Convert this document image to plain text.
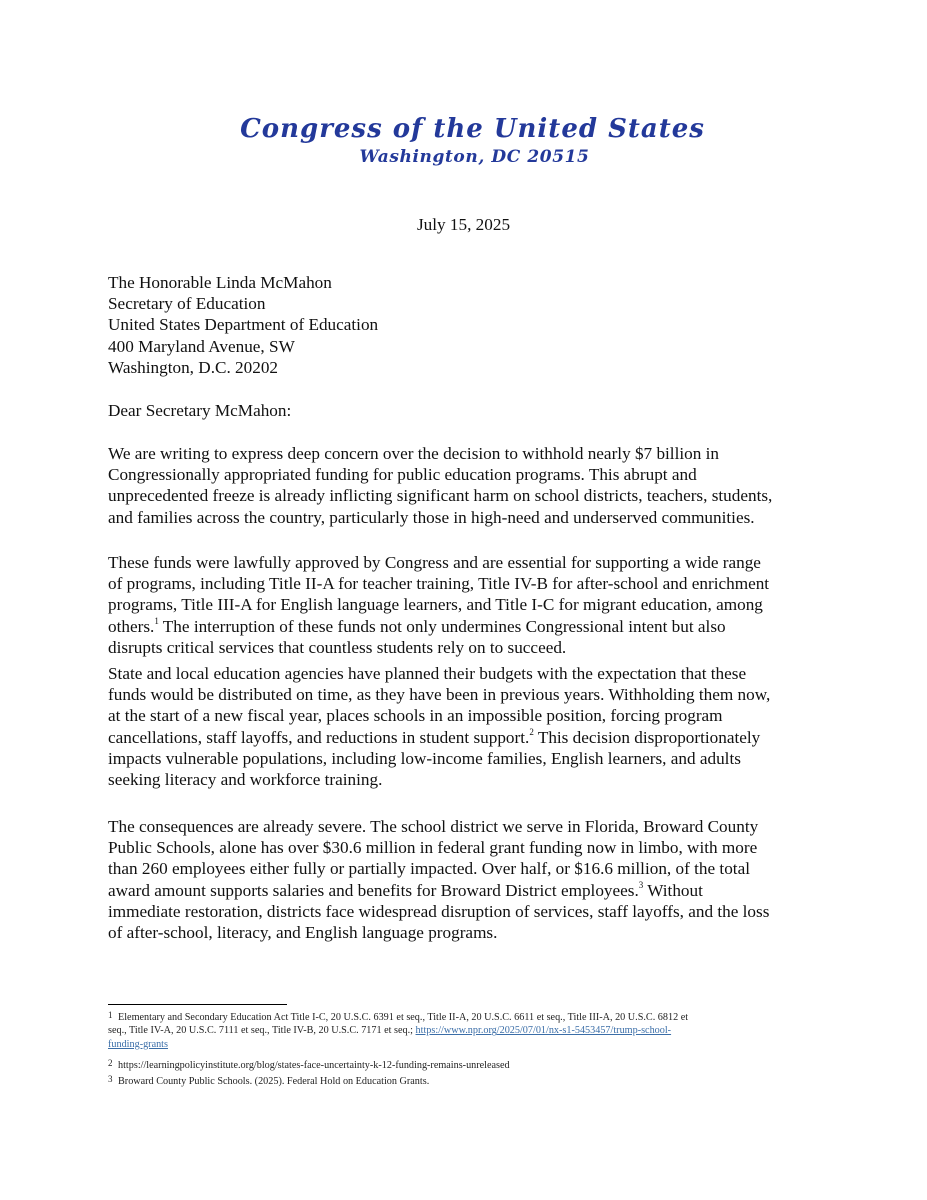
Congress of the United States
Washington, DC 20515
July 15, 2025
The Honorable Linda McMahon
Secretary of Education
United States Department of Education
400 Maryland Avenue, SW
Washington, D.C. 20202
Dear Secretary McMahon:
We are writing to express deep concern over the decision to withhold nearly $7 billion in
Congressionally appropriated funding for public education programs. This abrupt and
unprecedented freeze is already inflicting significant harm on school districts, teachers, students,
and families across the country, particularly those in high-need and underserved communities.
These funds were lawfully approved by Congress and are essential for supporting a wide range
of programs, including Title II-A for teacher training, Title IV-B for after-school and enrichment
programs, Title III-A for English language learners, and Title I-C for migrant education, among
others.$^1$ The interruption of these funds not only undermines Congressional intent but also
disrupts critical services that countless students rely on to succeed.
State and local education agencies have planned their budgets with the expectation that these
funds would be distributed on time, as they have been in previous years. Withholding them now,
at the start of a new fiscal year, places schools in an impossible position, forcing program
cancellations, staff layoffs, and reductions in student support.$^2$ This decision disproportionately
impacts vulnerable populations, including low-income families, English learners, and adults
seeking literacy and workforce training.
The consequences are already severe. The school district we serve in Florida, Broward County
Public Schools, alone has over $30.6 million in federal grant funding now in limbo, with more
than 260 employees either fully or partially impacted. Over half, or $16.6 million, of the total
award amount supports salaries and benefits for Broward District employees.$^3$ Without
immediate restoration, districts face widespread disruption of services, staff layoffs, and the loss
of after-school, literacy, and English language programs.
1 Elementary and Secondary Education Act Title I-C, 20 U.S.C. 6391 et seq., Title II-A, 20 U.S.C. 6611 et seq., Title III-A, 20 U.S.C. 6812 et
seq., Title IV-A, 20 U.S.C. 7111 et seq., Title IV-B, 20 U.S.C. 7171 et seq.; https://www.npr.org/2025/07/01/nx-s1-5453457/trump-school-
funding-grants
2 https://learningpolicyinstitute.org/blog/states-face-uncertainty-k-12-funding-remains-unreleased
3 Broward County Public Schools. (2025). Federal Hold on Education Grants.
